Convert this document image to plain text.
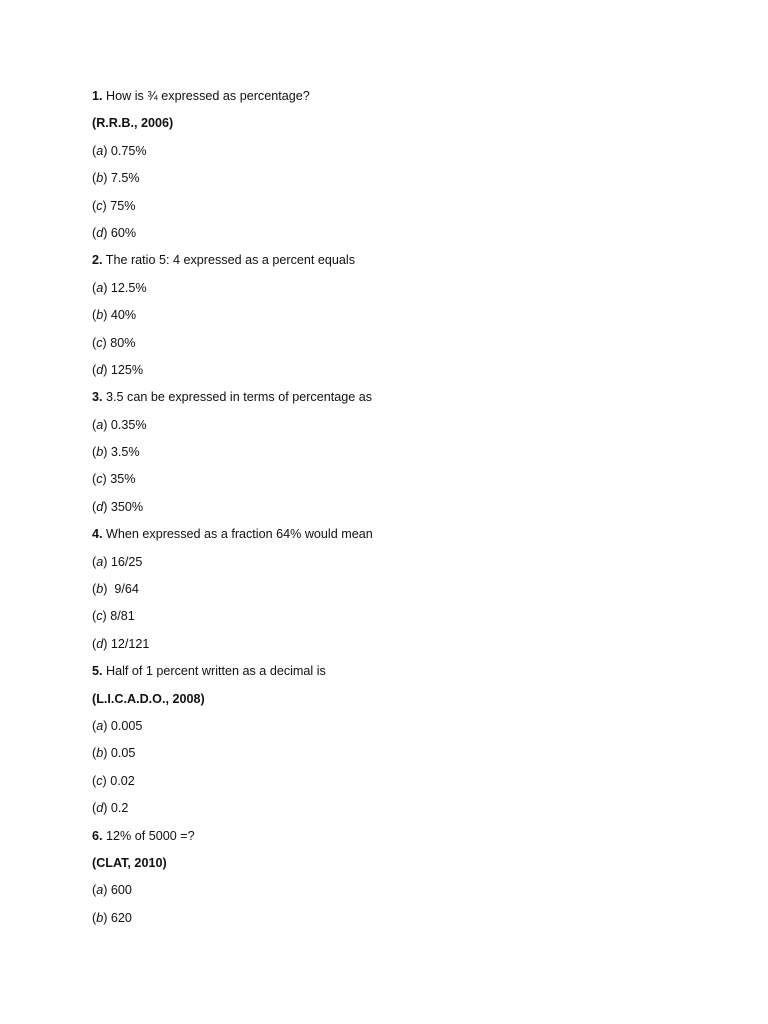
1. How is ¾ expressed as percentage?
(R.R.B., 2006)
(a) 0.75%
(b) 7.5%
(c) 75%
(d) 60%
2. The ratio 5: 4 expressed as a percent equals
(a) 12.5%
(b) 40%
(c) 80%
(d) 125%
3. 3.5 can be expressed in terms of percentage as
(a) 0.35%
(b) 3.5%
(c) 35%
(d) 350%
4. When expressed as a fraction 64% would mean
(a) 16/25
(b)  9/64
(c) 8/81
(d) 12/121
5. Half of 1 percent written as a decimal is
(L.I.C.A.D.O., 2008)
(a) 0.005
(b) 0.05
(c) 0.02
(d) 0.2
6. 12% of 5000 =?
(CLAT, 2010)
(a) 600
(b) 620
